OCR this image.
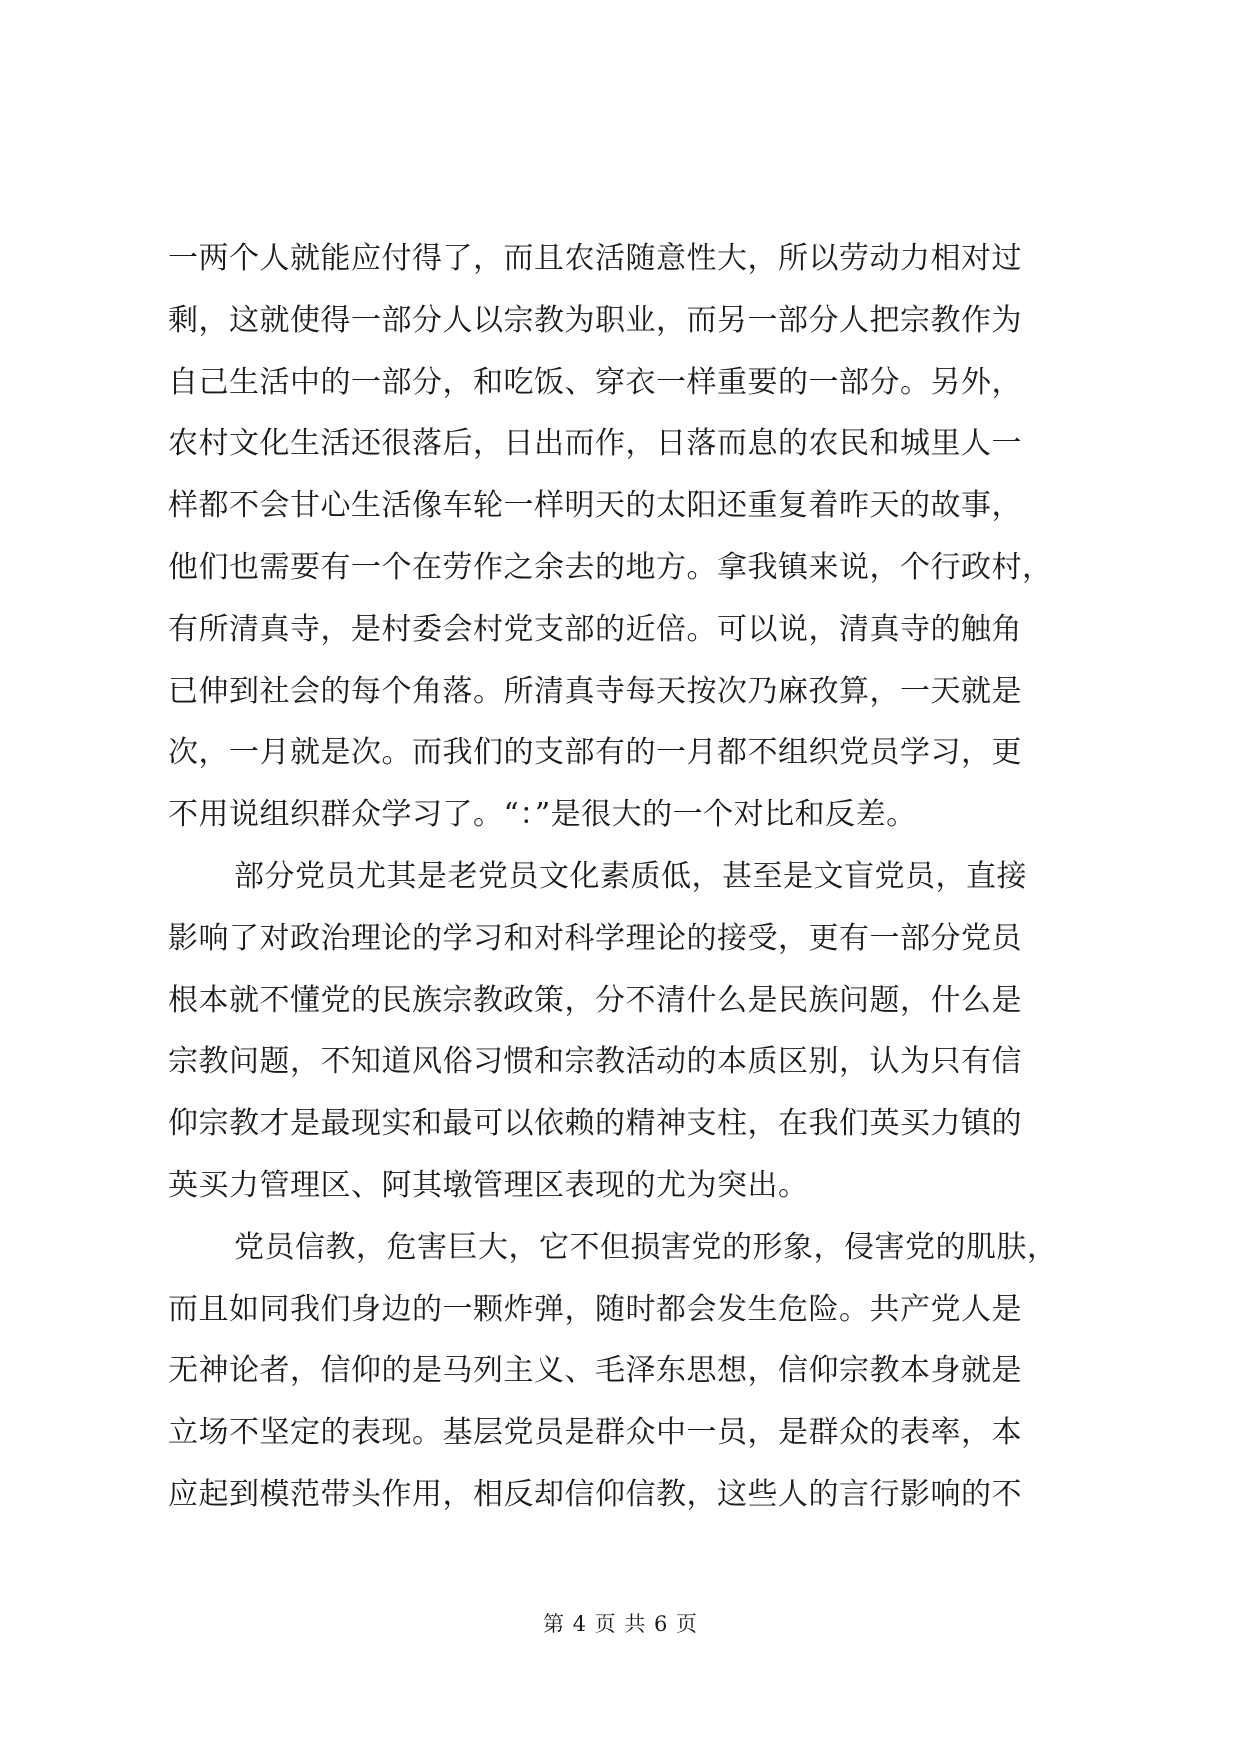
一两个人就能应付得了，而且农活随意性大，所以劳动力相对过
剩，这就使得一部分人以宗教为职业，而另一部分人把宗教作为
自己生活中的一部分，和吃饭、穿衣一样重要的一部分。另外，
农村文化生活还很落后，日出而作，日落而息的农民和城里人一
样都不会甘心生活像车轮一样明天的太阳还重复着昨天的故事，
他们也需要有一个在劳作之余去的地方。拿我镇来说，个行政村，
有所清真寺，是村委会村党支部的近倍。可以说，清真寺的触角
已伸到社会的每个角落。所清真寺每天按次乃麻孜算，一天就是
次，一月就是次。而我们的支部有的一月都不组织党员学习，更
不用说组织群众学习了。“：”是很大的一个对比和反差。
部分党员尤其是老党员文化素质低，甚至是文盲党员，直接
影响了对政治理论的学习和对科学理论的接受，更有一部分党员
根本就不懂党的民族宗教政策，分不清什么是民族问题，什么是
宗教问题，不知道风俗习惯和宗教活动的本质区别，认为只有信
仰宗教才是最现实和最可以依赖的精神支柱，在我们英买力镇的
英买力管理区、阿其墩管理区表现的尤为突出。
党员信教，危害巨大，它不但损害党的形象，侵害党的肌肤，
而且如同我们身边的一颗炸弹，随时都会发生危险。共产党人是
无神论者，信仰的是马列主义、毛泽东思想，信仰宗教本身就是
立场不坚定的表现。基层党员是群众中一员，是群众的表率，本
应起到模范带头作用，相反却信仰信教，这些人的言行影响的不
第 4 页 共 6 页
